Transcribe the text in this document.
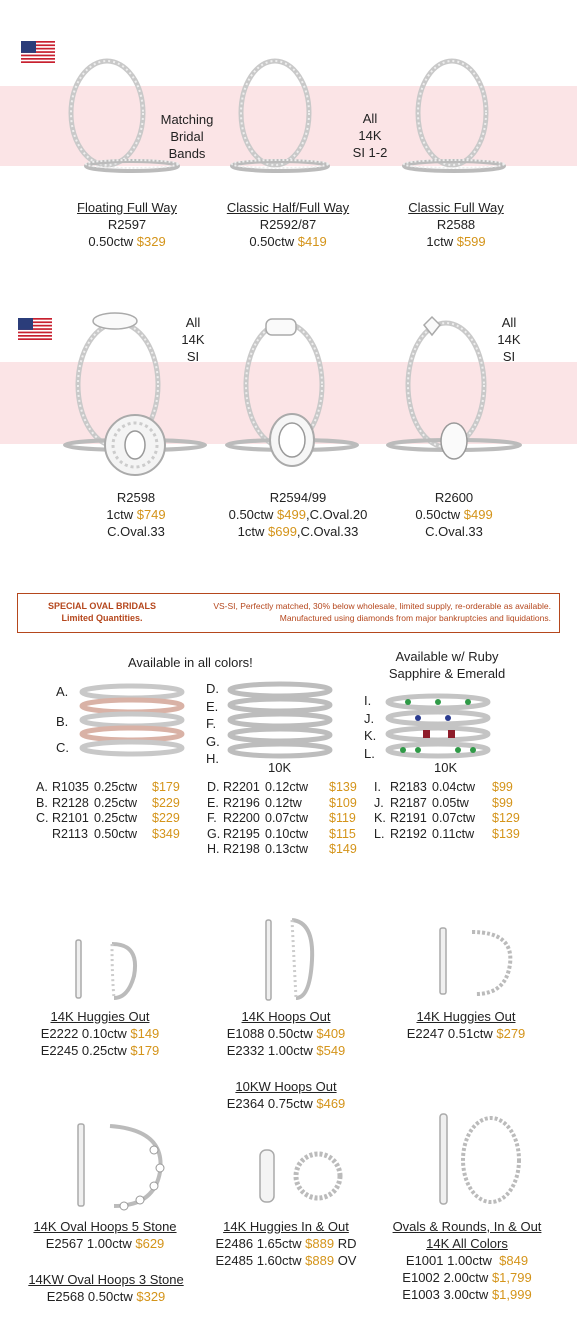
Matching
Bridal
Bands
All
14K
SI 1-2
Floating Full Way
R2597
0.50ctw $329
Classic Half/Full Way
R2592/87
0.50ctw $419
Classic Full Way
R2588
1ctw $599
All
14K
SI
All
14K
SI
R2598
1ctw $749
C.Oval.33
R2594/99
0.50ctw $499,C.Oval.20
1ctw $699,C.Oval.33
R2600
0.50ctw $499
C.Oval.33
SPECIAL OVAL BRIDALS
Limited Quantities.
VS-SI, Perfectly matched, 30% below wholesale, limited supply, re-orderable as available.
Manufactured using diamonds from major bankruptcies and liquidations.
Available in all colors!	Available w/ Ruby
Sapphire & Emerald
A.
B.
C.
D.
E.
F.
G.
H.
10K
I.
J.
K.
L.
10K
A. R1035 0.25ctw	$179
B. R2128 0.25ctw	$229
C. R2101 0.25ctw	$229
R2113 0.50ctw	$349
D. R2201 0.12ctw	$139
E. R2196 0.12tw	$109
F. R2200 0.07ctw	$119
G. R2195 0.10ctw	$115
H. R2198 0.13ctw	$149
I. R2183 0.04ctw	$99
J. R2187 0.05tw	$99
K. R2191 0.07ctw	$129
L. R2192 0.11ctw	$139
14K Huggies Out
E2222 0.10ctw $149
E2245 0.25ctw $179
14K Hoops Out
E1088 0.50ctw $409
E2332 1.00ctw $549
14K Huggies Out
E2247 0.51ctw $279
10KW Hoops Out
E2364 0.75ctw $469
14K Oval Hoops 5 Stone
E2567 1.00ctw $629
14KW Oval Hoops 3 Stone
E2568 0.50ctw $329
14K Huggies In & Out
E2486 1.65ctw $889 RD
E2485 1.60ctw $889 OV
Ovals & Rounds, In & Out
14K All Colors
E1001 1.00ctw $849
E1002 2.00ctw $1,799
E1003 3.00ctw $1,999
